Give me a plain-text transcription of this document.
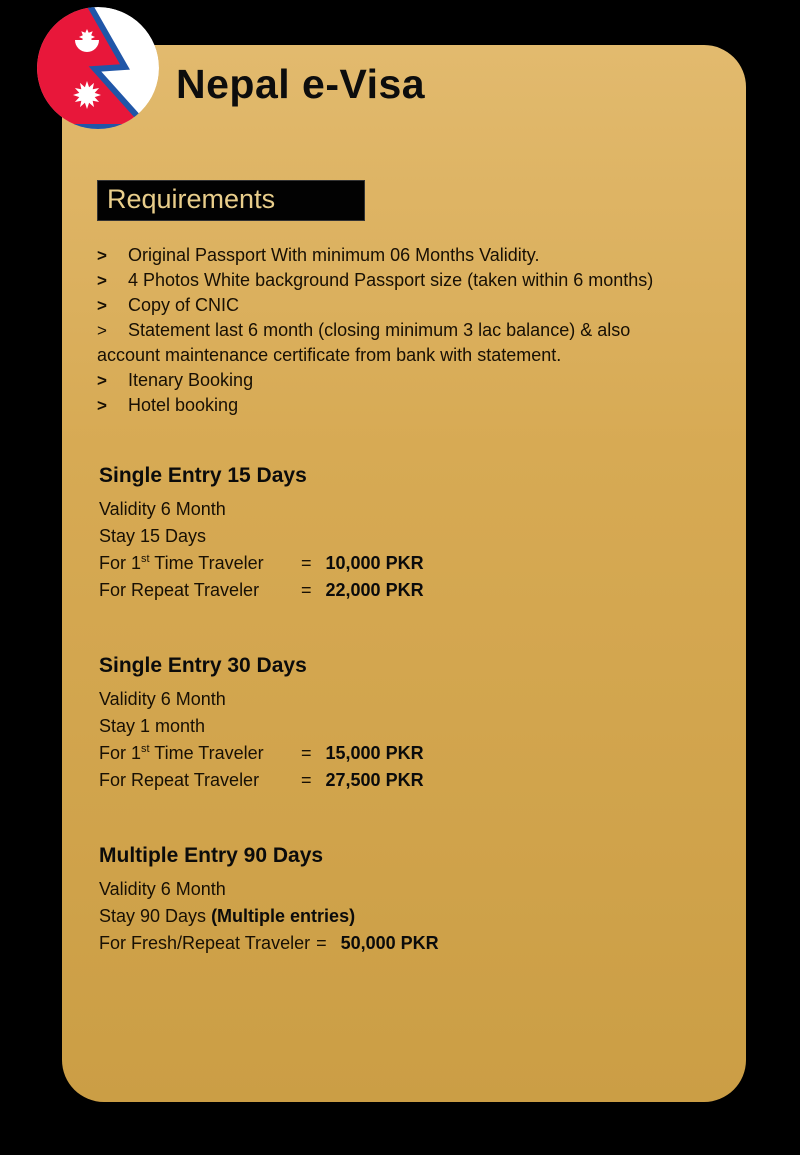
Requirements
>	Original Passport With minimum 06 Months Validity.
>	4 Photos White background Passport size (taken within 6 months)
>	Copy of CNIC
>	Statement last 6 month (closing minimum 3 lac balance) & also
account maintenance certificate from bank with statement.
>	Itenary Booking
>	Hotel booking
Single Entry 15 Days
Validity 6 Month
Stay 15 Days
For 1st Time Traveler	= 10,000 PKR
For Repeat Traveler	= 22,000 PKR
Single Entry 30 Days
Validity 6 Month
Stay 1 month
For 1st Time Traveler	= 15,000 PKR
For Repeat Traveler	= 27,500 PKR
Multiple Entry 90 Days
Validity 6 Month
Stay 90 Days (Multiple entries)
For Fresh/Repeat Traveler = 50,000 PKR
Nepal e-Visa
